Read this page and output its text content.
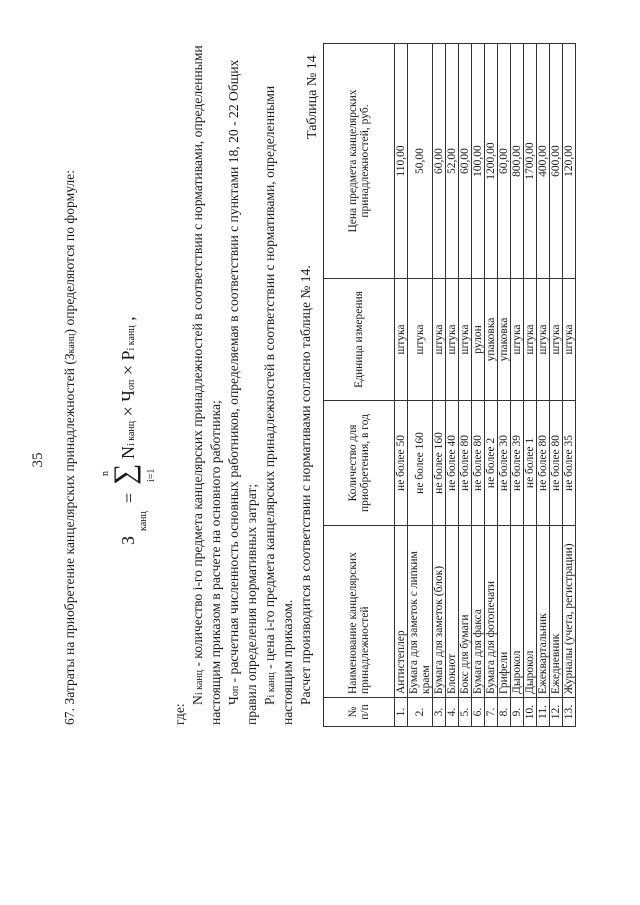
35 67. Затраты на приобретение канцелярских принадлежностей (Зканц) определяются по формуле:
З
канц
=
n
∑ i=1
Ni канц × Чоп × Pi канц ,
где:
Ni канц - количество i-го предмета канцелярских принадлежностей в соответствии с нормативами, определенными настоящим приказом в расчете на основного работника; Чоп - расчетная численность основных работников, определяемая в соответствии с пунктами 18, 20 - 22 Общих правил определения нормативных затрат; Pi канц - цена i-го предмета канцелярских принадлежностей в соответствии с нормативами, определенными настоящим приказом. Расчет производится в соответствии с нормативами согласно таблице № 14.
Таблица № 14
№ п/п	Наименование канцелярских принадлежностей	Количество для приобретения, в год	Единица измерения	Цена предмета канцелярских принадлежностей, руб.
1.	Антистеплер	не более 50	штука	110,00
2.	Бумага для заметок с липким краем	не более 160	штука	50,00
3.	Бумага для заметок (блок)	не более 160	штука	60,00
4.	Блокнот	не более 40	штука	52,00
5.	Бокс для бумаги	не более 80	штука	60,00
6.	Бумага для факса	не более 80	рулон	100,00
7.	Бумага для фотопечати	не более 2	упаковка	1200,00
8.	Грифели	не более 30	упаковка	60,00
9.	Дырокол	не более 39	штука	800,00
10.	Дырокол	не более 1	штука	1700,00
11.	Ежеквартальник	не более 80	штука	400,00
12.	Ежедневник	не более 80	штука	600,00
13.	Журналы (учета, регистрации)	не более 35	штука	120,00
